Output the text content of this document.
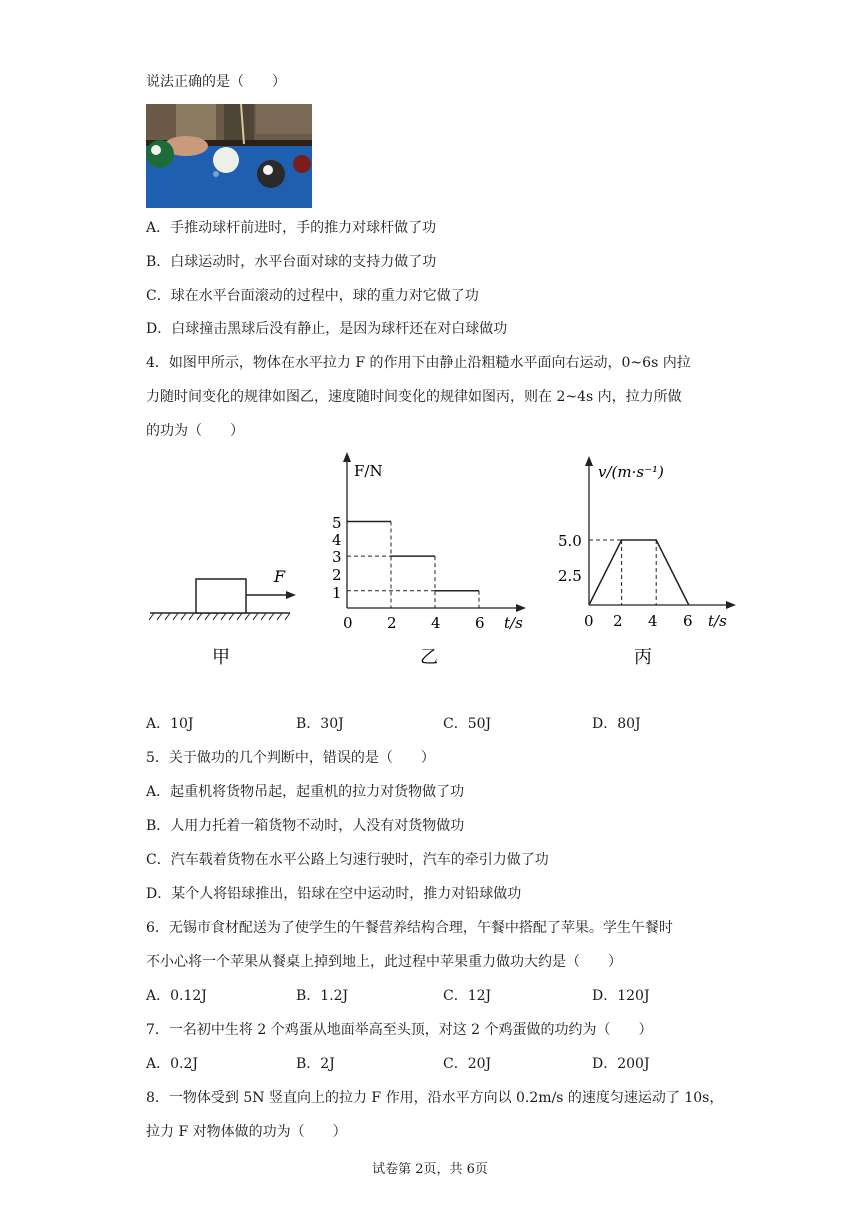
说法正确的是（　　）
A．手推动球杆前进时，手的推力对球杆做了功
B．白球运动时，水平台面对球的支持力做了功
C．球在水平台面滚动的过程中，球的重力对它做了功
D．白球撞击黑球后没有静止，是因为球杆还在对白球做功
4．如图甲所示，物体在水平拉力 F 的作用下由静止沿粗糙水平面向右运动，0~6s 内拉
力随时间变化的规律如图乙，速度随时间变化的规律如图丙，则在 2~4s 内，拉力所做
的功为（　　）
F
甲
F/N
t/s
5
4
3
2
1
0 2 4 6
乙
v/(m·s⁻¹)
t/s
5.0
2.5
0 2 4 6
丙
A．10J	B．30J	C．50J	D．80J
5．关于做功的几个判断中，错误的是（　　）
A．起重机将货物吊起，起重机的拉力对货物做了功
B．人用力托着一箱货物不动时，人没有对货物做功
C．汽车载着货物在水平公路上匀速行驶时，汽车的牵引力做了功
D．某个人将铅球推出，铅球在空中运动时，推力对铅球做功
6．无锡市食材配送为了使学生的午餐营养结构合理，午餐中搭配了苹果。学生午餐时
不小心将一个苹果从餐桌上掉到地上，此过程中苹果重力做功大约是（　　）
A．0.12J	B．1.2J	C．12J	D．120J
7．一名初中生将 2 个鸡蛋从地面举高至头顶，对这 2 个鸡蛋做的功约为（　　）
A．0.2J	B．2J	C．20J	D．200J
8．一物体受到 5N 竖直向上的拉力 F 作用，沿水平方向以 0.2m/s 的速度匀速运动了 10s，
拉力 F 对物体做的功为（　　）
试卷第 2页，共 6页
